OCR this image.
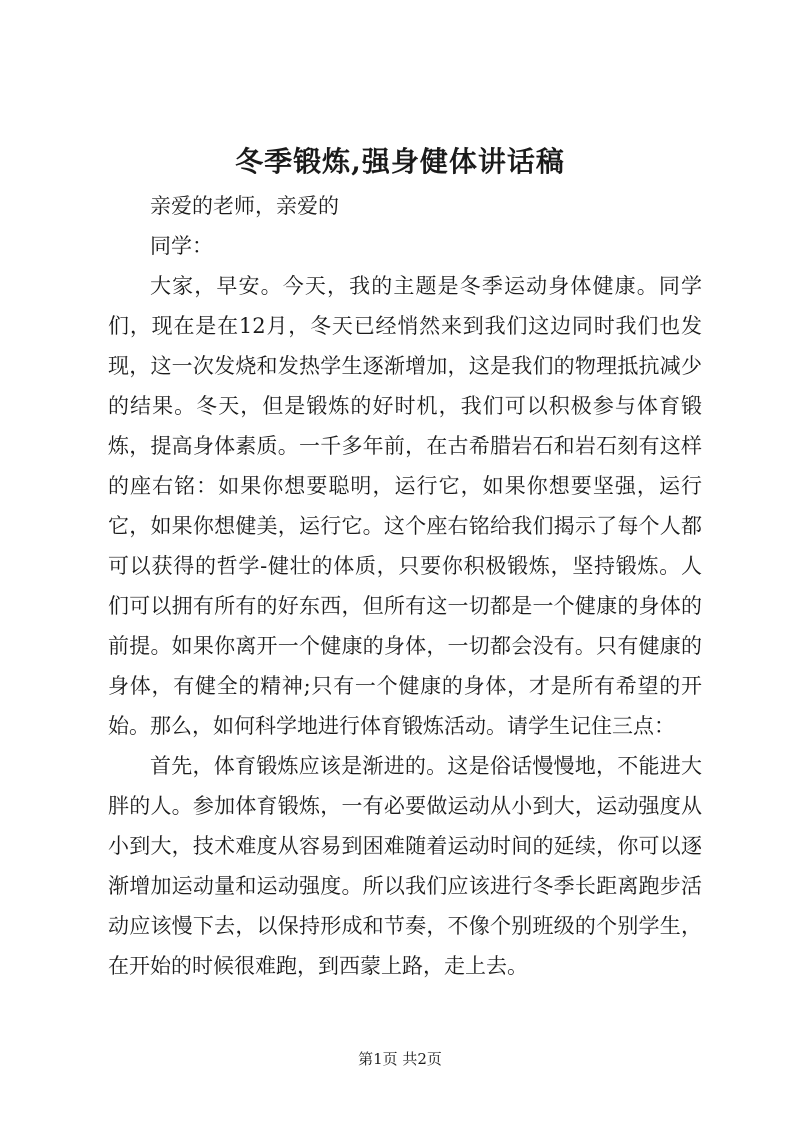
冬季锻炼,强身健体讲话稿

亲爱的老师，亲爱的

同学：

大家，早安。今天，我的主题是冬季运动身体健康。同学们，现在是在12月，冬天已经悄然来到我们这边同时我们也发现，这一次发烧和发热学生逐渐增加，这是我们的物理抵抗减少的结果。冬天，但是锻炼的好时机，我们可以积极参与体育锻炼，提高身体素质。一千多年前，在古希腊岩石和岩石刻有这样的座右铭：如果你想要聪明，运行它，如果你想要坚强，运行它，如果你想健美，运行它。这个座右铭给我们揭示了每个人都可以获得的哲学-健壮的体质，只要你积极锻炼，坚持锻炼。人们可以拥有所有的好东西，但所有这一切都是一个健康的身体的前提。如果你离开一个健康的身体，一切都会没有。只有健康的身体，有健全的精神;只有一个健康的身体，才是所有希望的开始。那么，如何科学地进行体育锻炼活动。请学生记住三点：

首先，体育锻炼应该是渐进的。这是俗话慢慢地，不能进大胖的人。参加体育锻炼，一有必要做运动从小到大，运动强度从小到大，技术难度从容易到困难随着运动时间的延续，你可以逐渐增加运动量和运动强度。所以我们应该进行冬季长距离跑步活动应该慢下去，以保持形成和节奏，不像个别班级的个别学生，在开始的时候很难跑，到西蒙上路，走上去。

第1页 共2页
